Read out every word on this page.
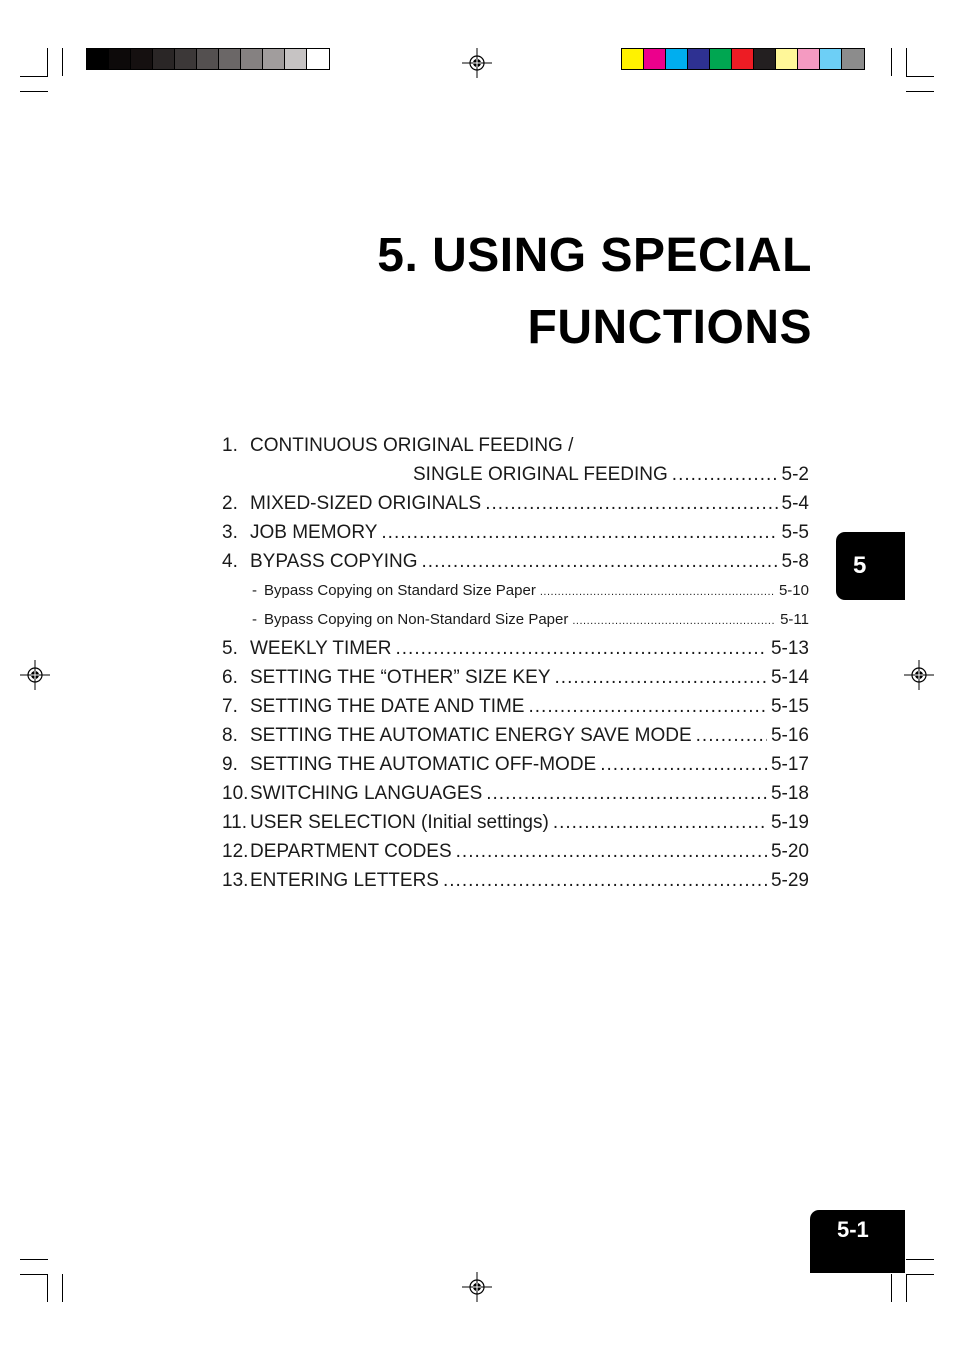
5. USING SPECIAL
FUNCTIONS
1. CONTINUOUS ORIGINAL FEEDING /
SINGLE ORIGINAL FEEDING .....	5-2
2. MIXED-SIZED ORIGINALS .....	5-4
3. JOB MEMORY .....	5-5
4. BYPASS COPYING .....	5-8
- Bypass Copying on Standard Size Paper .....	5-10
- Bypass Copying on Non-Standard Size Paper .....	5-11
5. WEEKLY TIMER .....	5-13
6. SETTING THE “OTHER” SIZE KEY .....	5-14
7. SETTING THE DATE AND TIME .....	5-15
8. SETTING THE AUTOMATIC ENERGY SAVE MODE .....	5-16
9. SETTING THE AUTOMATIC OFF-MODE .....	5-17
10. SWITCHING LANGUAGES .....	5-18
11. USER SELECTION (Initial settings) .....	5-19
12. DEPARTMENT CODES .....	5-20
13. ENTERING LETTERS .....	5-29
5
5-1
